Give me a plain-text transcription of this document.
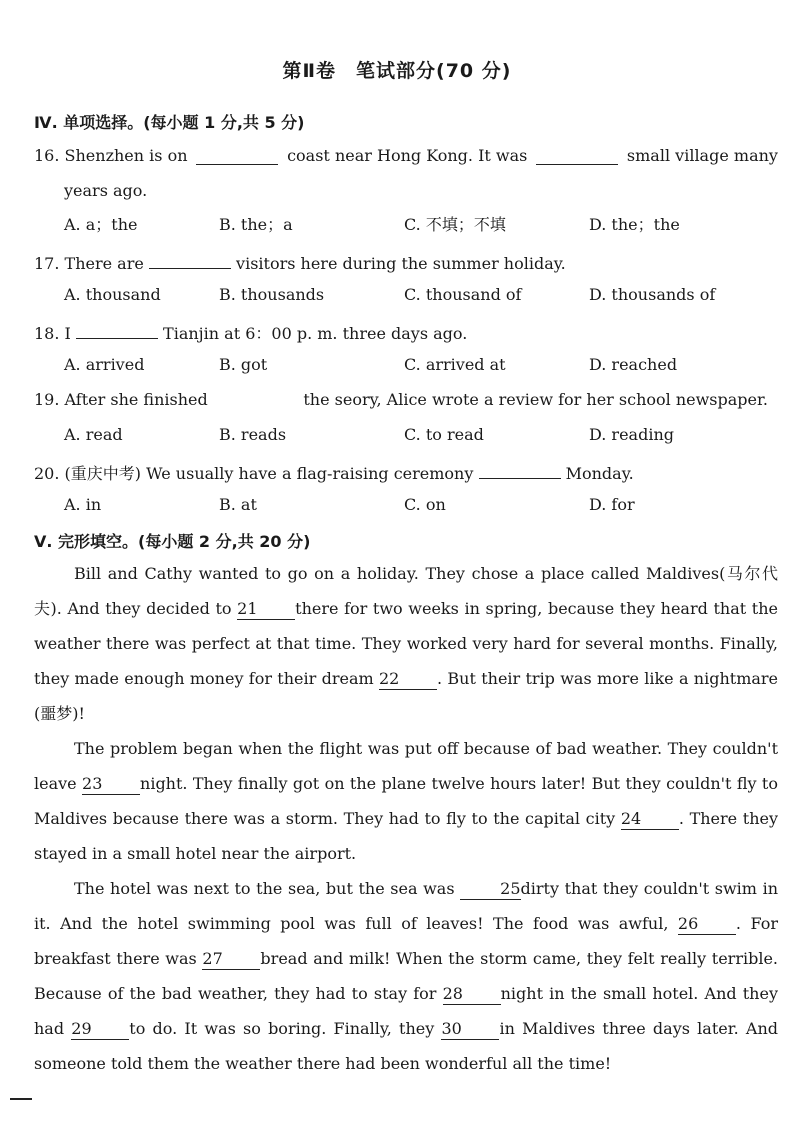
第Ⅱ卷　笔试部分(70 分)
Ⅳ. 单项选择。(每小题 1 分,共 5 分)
16. Shenzhen is on	coast near Hong Kong. It was	small village many
years ago.
A. a；the	B. the；a	C. 不填；不填	D. the；the
17. There are	visitors here during the summer holiday.
A. thousand	B. thousands	C. thousand of	D. thousands of
18. I	Tianjin at 6：00 p. m. three days ago.
A. arrived	B. got	C. arrived at	D. reached
19. After she finished	the seory, Alice wrote a review for her school newspaper.
A. read	B. reads	C. to read	D. reading
20. (重庆中考) We usually have a flag-raising ceremony	Monday.
A. in	B. at	C. on	D. for
Ⅴ. 完形填空。(每小题 2 分,共 20 分)

Bill and Cathy wanted to go on a holiday. They chose a place called Maldives(马尔代

夫). And they decided to 21 there for two weeks in spring, because they heard that the

weather there was perfect at that time. They worked very hard for several months. Finally,

they made enough money for their dream 22 . But their trip was more like a nightmare

(噩梦)!

The problem began when the flight was put off because of bad weather. They couldn't

leave 23 night. They finally got on the plane twelve hours later! But they couldn't fly to

Maldives because there was a storm. They had to fly to the capital city 24 . There they

stayed in a small hotel near the airport.

The hotel was next to the sea, but the sea was	25dirty that they couldn't swim in

it. And the hotel swimming pool was full of leaves! The food was awful, 26 . For

breakfast there was 27 bread and milk! When the storm came, they felt really terrible.

Because of the bad weather, they had to stay for 28 night in the small hotel. And they

had 29 to do. It was so boring. Finally, they 30 in Maldives three days later. And

someone told them the weather there had been wonderful all the time!
